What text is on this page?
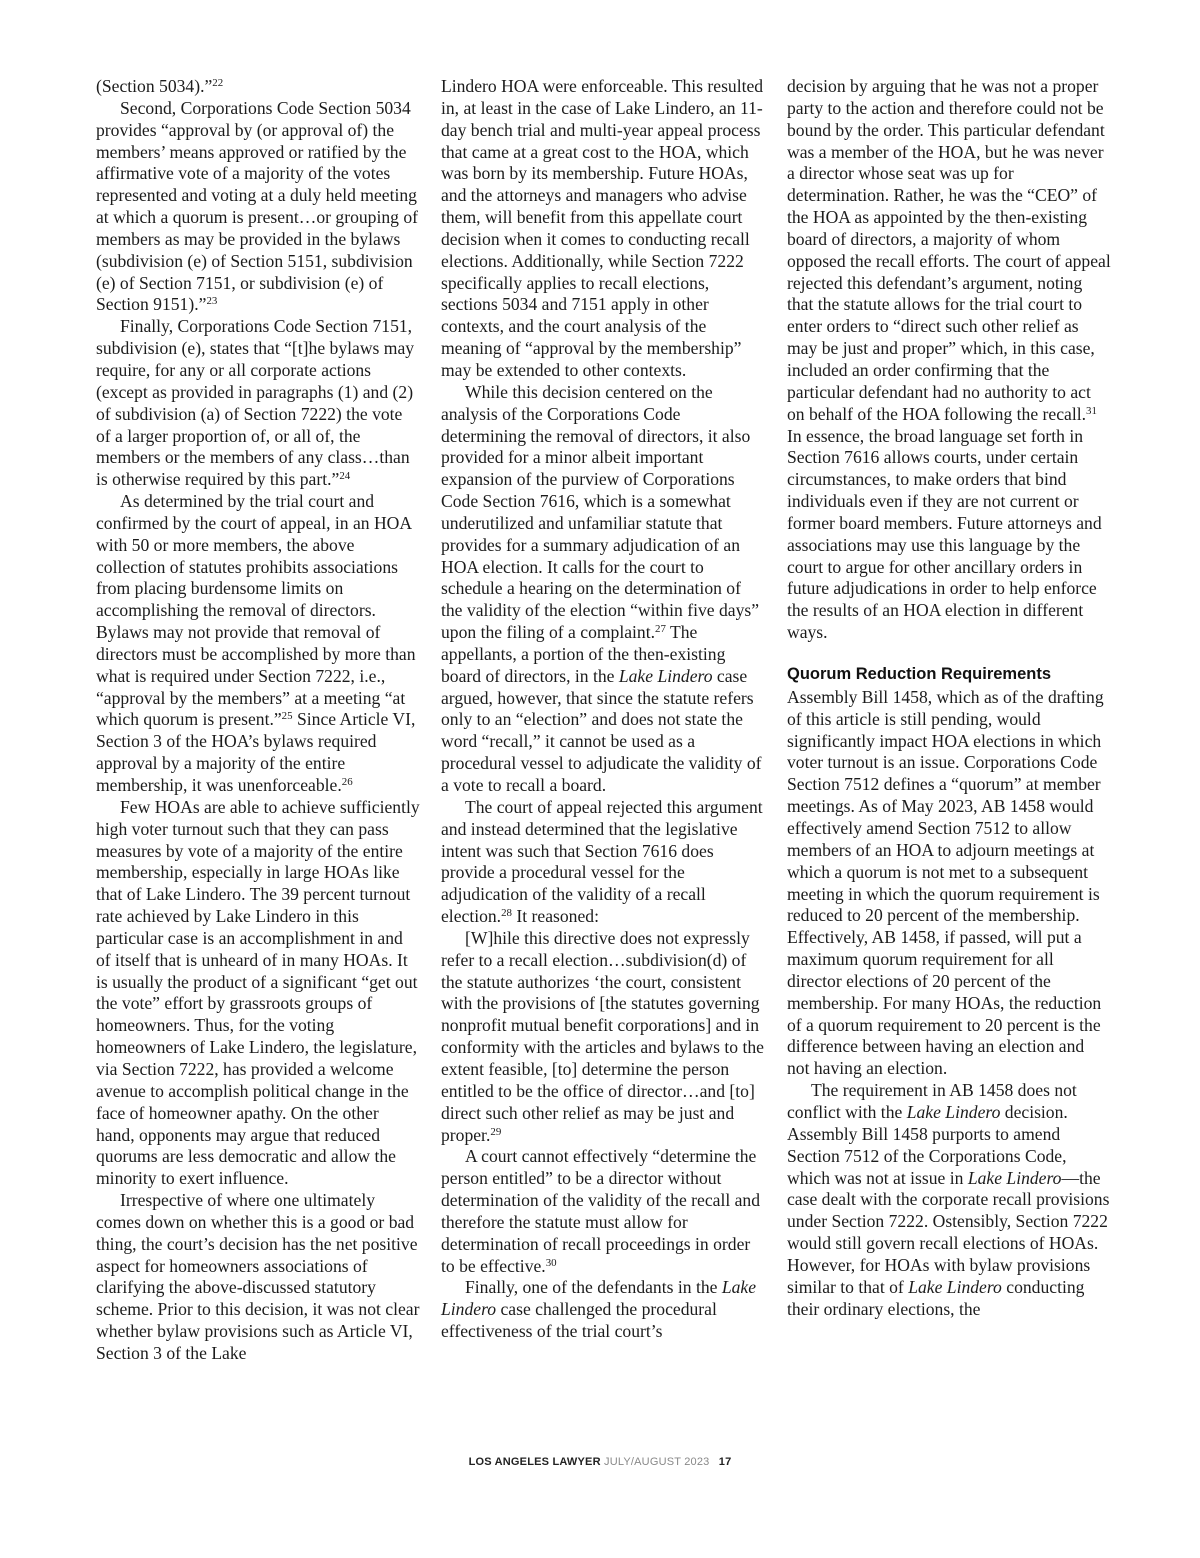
(Section 5034).”$^{22}$

Second, Corporations Code Section 5034 provides “approval by (or approval of) the members’ means approved or ratified by the affirmative vote of a majority of the votes represented and voting at a duly held meeting at which a quorum is present…or grouping of members as may be provided in the bylaws (subdivision (e) of Section 5151, subdivision (e) of Section 7151, or subdivision (e) of Section 9151).”$^{23}$

Finally, Corporations Code Section 7151, subdivision (e), states that “[t]he bylaws may require, for any or all corporate actions (except as provided in paragraphs (1) and (2) of subdivision (a) of Section 7222) the vote of a larger proportion of, or all of, the members or the members of any class…than is otherwise required by this part.”$^{24}$

As determined by the trial court and confirmed by the court of appeal, in an HOA with 50 or more members, the above collection of statutes prohibits associations from placing burdensome limits on accomplishing the removal of directors. Bylaws may not provide that removal of directors must be accomplished by more than what is required under Section 7222, i.e., “approval by the members” at a meeting “at which quorum is present.”$^{25}$ Since Article VI, Section 3 of the HOA’s bylaws required approval by a majority of the entire membership, it was unenforceable.$^{26}$

Few HOAs are able to achieve sufficiently high voter turnout such that they can pass measures by vote of a majority of the entire membership, especially in large HOAs like that of Lake Lindero. The 39 percent turnout rate achieved by Lake Lindero in this particular case is an accomplishment in and of itself that is unheard of in many HOAs. It is usually the product of a significant “get out the vote” effort by grassroots groups of homeowners. Thus, for the voting homeowners of Lake Lindero, the legislature, via Section 7222, has provided a welcome avenue to accomplish political change in the face of homeowner apathy. On the other hand, opponents may argue that reduced quorums are less democratic and allow the minority to exert influence.

Irrespective of where one ultimately comes down on whether this is a good or bad thing, the court’s decision has the net positive aspect for homeowners associations of clarifying the above-discussed statutory scheme. Prior to this decision, it was not clear whether bylaw provisions such as Article VI, Section 3 of the Lake

Lindero HOA were enforceable. This resulted in, at least in the case of Lake Lindero, an 11-day bench trial and multi-year appeal process that came at a great cost to the HOA, which was born by its membership. Future HOAs, and the attorneys and managers who advise them, will benefit from this appellate court decision when it comes to conducting recall elections. Additionally, while Section 7222 specifically applies to recall elections, sections 5034 and 7151 apply in other contexts, and the court analysis of the meaning of “approval by the membership” may be extended to other contexts.

While this decision centered on the analysis of the Corporations Code determining the removal of directors, it also provided for a minor albeit important expansion of the purview of Corporations Code Section 7616, which is a somewhat underutilized and unfamiliar statute that provides for a summary adjudication of an HOA election. It calls for the court to schedule a hearing on the determination of the validity of the election “within five days” upon the filing of a complaint.$^{27}$ The appellants, a portion of the then-existing board of directors, in the Lake Lindero case argued, however, that since the statute refers only to an “election” and does not state the word “recall,” it cannot be used as a procedural vessel to adjudicate the validity of a vote to recall a board.

The court of appeal rejected this argument and instead determined that the legislative intent was such that Section 7616 does provide a procedural vessel for the adjudication of the validity of a recall election.$^{28}$ It reasoned:

[W]hile this directive does not expressly refer to a recall election…subdivision(d) of the statute authorizes ‘the court, consistent with the provisions of [the statutes governing nonprofit mutual benefit corporations] and in conformity with the articles and bylaws to the extent feasible, [to] determine the person entitled to be the office of director…and [to] direct such other relief as may be just and proper.$^{29}$

A court cannot effectively “determine the person entitled” to be a director without determination of the validity of the recall and therefore the statute must allow for determination of recall proceedings in order to be effective.$^{30}$

Finally, one of the defendants in the Lake Lindero case challenged the procedural effectiveness of the trial court’s

decision by arguing that he was not a proper party to the action and therefore could not be bound by the order. This particular defendant was a member of the HOA, but he was never a director whose seat was up for determination. Rather, he was the “CEO” of the HOA as appointed by the then-existing board of directors, a majority of whom opposed the recall efforts. The court of appeal rejected this defendant’s argument, noting that the statute allows for the trial court to enter orders to “direct such other relief as may be just and proper” which, in this case, included an order confirming that the particular defendant had no authority to act on behalf of the HOA following the recall.$^{31}$ In essence, the broad language set forth in Section 7616 allows courts, under certain circumstances, to make orders that bind individuals even if they are not current or former board members. Future attorneys and associations may use this language by the court to argue for other ancillary orders in future adjudications in order to help enforce the results of an HOA election in different ways.

Quorum Reduction Requirements

Assembly Bill 1458, which as of the drafting of this article is still pending, would significantly impact HOA elections in which voter turnout is an issue. Corporations Code Section 7512 defines a “quorum” at member meetings. As of May 2023, AB 1458 would effectively amend Section 7512 to allow members of an HOA to adjourn meetings at which a quorum is not met to a subsequent meeting in which the quorum requirement is reduced to 20 percent of the membership. Effectively, AB 1458, if passed, will put a maximum quorum requirement for all director elections of 20 percent of the membership. For many HOAs, the reduction of a quorum requirement to 20 percent is the difference between having an election and not having an election.

The requirement in AB 1458 does not conflict with the Lake Lindero decision. Assembly Bill 1458 purports to amend Section 7512 of the Corporations Code, which was not at issue in Lake Lindero—the case dealt with the corporate recall provisions under Section 7222. Ostensibly, Section 7222 would still govern recall elections of HOAs. However, for HOAs with bylaw provisions similar to that of Lake Lindero conducting their ordinary elections, the

LOS ANGELES LAWYER JULY/AUGUST 2023 17
